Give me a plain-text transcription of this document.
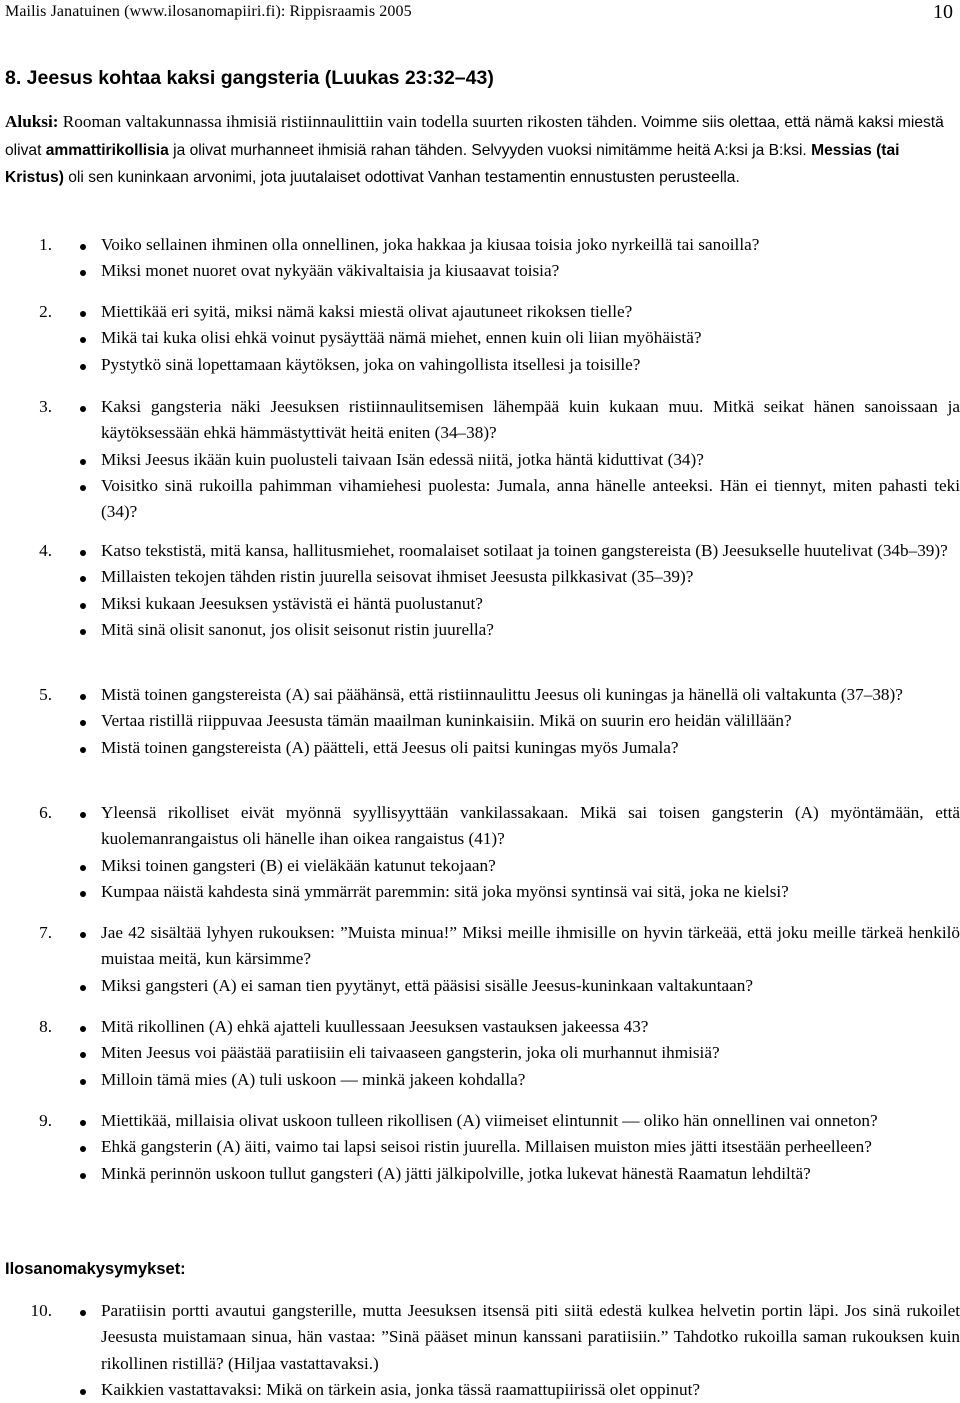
Mailis Janatuinen (www.ilosanomapiiri.fi): Rippisraamis 2005	10
8. Jeesus kohtaa kaksi gangsteria (Luukas 23:32–43)

Aluksi: Rooman valtakunnassa ihmisiä ristiinnaulittiin vain todella suurten rikosten tähden. Voimme siis olettaa, että nämä kaksi miestä olivat ammattirikollisia ja olivat murhanneet ihmisiä rahan tähden. Selvyyden vuoksi nimitämme heitä A:ksi ja B:ksi. Messias (tai Kristus) oli sen kuninkaan arvonimi, jota juutalaiset odottivat Vanhan testamentin ennustusten perusteella.

1.	Voiko sellainen ihminen olla onnellinen, joka hakkaa ja kiusaa toisia joko nyrkeillä tai sanoilla?
Miksi monet nuoret ovat nykyään väkivaltaisia ja kiusaavat toisia?
2.	Miettikää eri syitä, miksi nämä kaksi miestä olivat ajautuneet rikoksen tielle?
Mikä tai kuka olisi ehkä voinut pysäyttää nämä miehet, ennen kuin oli liian myöhäistä?
Pystytkö sinä lopettamaan käytöksen, joka on vahingollista itsellesi ja toisille?
3.	Kaksi gangsteria näki Jeesuksen ristiinnaulitsemisen lähempää kuin kukaan muu. Mitkä seikat hänen sanoissaan ja käytöksessään ehkä hämmästyttivät heitä eniten (34–38)?
Miksi Jeesus ikään kuin puolusteli taivaan Isän edessä niitä, jotka häntä kiduttivat (34)?
Voisitko sinä rukoilla pahimman vihamiehesi puolesta: Jumala, anna hänelle anteeksi. Hän ei tiennyt, miten pahasti teki (34)?
4.	Katso tekstistä, mitä kansa, hallitusmiehet, roomalaiset sotilaat ja toinen gangstereista (B) Jeesukselle huutelivat (34b–39)?
Millaisten tekojen tähden ristin juurella seisovat ihmiset Jeesusta pilkkasivat (35–39)?
Miksi kukaan Jeesuksen ystävistä ei häntä puolustanut?
Mitä sinä olisit sanonut, jos olisit seisonut ristin juurella?
5.	Mistä toinen gangstereista (A) sai päähänsä, että ristiinnaulittu Jeesus oli kuningas ja hänellä oli valtakunta (37–38)?
Vertaa ristillä riippuvaa Jeesusta tämän maailman kuninkaisiin. Mikä on suurin ero heidän välillään?
Mistä toinen gangstereista (A) päätteli, että Jeesus oli paitsi kuningas myös Jumala?
6.	Yleensä rikolliset eivät myönnä syyllisyyttään vankilassakaan. Mikä sai toisen gangsterin (A) myöntämään, että kuolemanrangaistus oli hänelle ihan oikea rangaistus (41)?
Miksi toinen gangsteri (B) ei vieläkään katunut tekojaan?
Kumpaa näistä kahdesta sinä ymmärrät paremmin: sitä joka myönsi syntinsä vai sitä, joka ne kielsi?
7.	Jae 42 sisältää lyhyen rukouksen: ”Muista minua!” Miksi meille ihmisille on hyvin tärkeää, että joku meille tärkeä henkilö muistaa meitä, kun kärsimme?
Miksi gangsteri (A) ei saman tien pyytänyt, että pääsisi sisälle Jeesus-kuninkaan valtakuntaan?
8.	Mitä rikollinen (A) ehkä ajatteli kuullessaan Jeesuksen vastauksen jakeessa 43?
Miten Jeesus voi päästää paratiisiin eli taivaaseen gangsterin, joka oli murhannut ihmisiä?
Milloin tämä mies (A) tuli uskoon — minkä jakeen kohdalla?
9.	Miettikää, millaisia olivat uskoon tulleen rikollisen (A) viimeiset elintunnit — oliko hän onnellinen vai onneton?
Ehkä gangsterin (A) äiti, vaimo tai lapsi seisoi ristin juurella. Millaisen muiston mies jätti itsestään perheelleen?
Minkä perinnön uskoon tullut gangsteri (A) jätti jälkipolville, jotka lukevat hänestä Raamatun lehdiltä?
Ilosanomakysymykset:
10.	Paratiisin portti avautui gangsterille, mutta Jeesuksen itsensä piti siitä edestä kulkea helvetin portin läpi. Jos sinä rukoilet Jeesusta muistamaan sinua, hän vastaa: ”Sinä pääset minun kanssani paratiisiin.” Tahdotko rukoilla saman rukouksen kuin rikollinen ristillä? (Hiljaa vastattavaksi.)
Kaikkien vastattavaksi: Mikä on tärkein asia, jonka tässä raamattupiirissä olet oppinut?
